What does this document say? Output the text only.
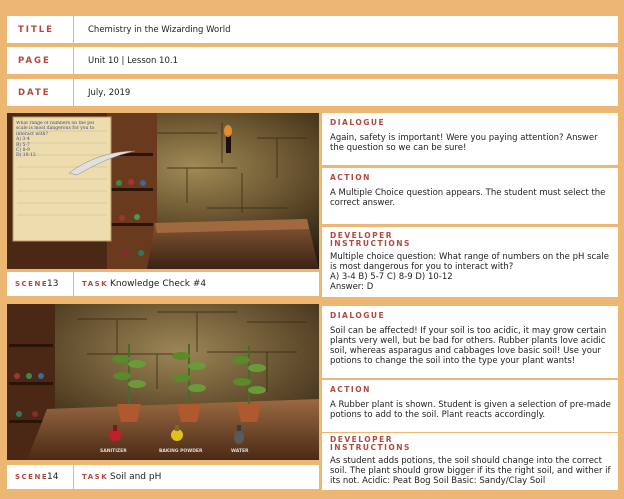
TITLE	Chemistry in the Wizarding World
PAGE	Unit 10 | Lesson 10.1
DATE	July, 2019
What range of numbers on the pH scale is most dangerous for you to interact with?
A) 3-4
B) 5-7
C) 8-9
D) 10-12
SCENE
13	TASK Knowledge Check #4
DIALOGUE
Again, safety is important! Were you paying attention? Answer the question so we can be sure!
ACTION
A Multiple Choice question appears. The student must select the correct answer.
DEVELOPER
INSTRUCTIONS
Multiple choice question: What range of numbers on the pH scale is most dangerous for you to interact with?
A) 3-4 B) 5-7 C) 8-9 D) 10-12
Answer: D
SANITIZER	BAKING POWDER	WATER
SCENE
14	TASK Soil and pH
DIALOGUE
Soil can be affected! If your soil is too acidic, it may grow certain plants very well, but be bad for others. Rubber plants love acidic soil, whereas asparagus and cabbages love basic soil! Use your potions to change the soil into the type your plant wants!
ACTION
A Rubber plant is shown. Student is given a selection of pre-made potions to add to the soil. Plant reacts accordingly.
DEVELOPER
INSTRUCTIONS
As student adds potions, the soil should change into the correct soil. The plant should grow bigger if its the right soil, and wither if its not. Acidic: Peat Bog Soil Basic: Sandy/Clay Soil
